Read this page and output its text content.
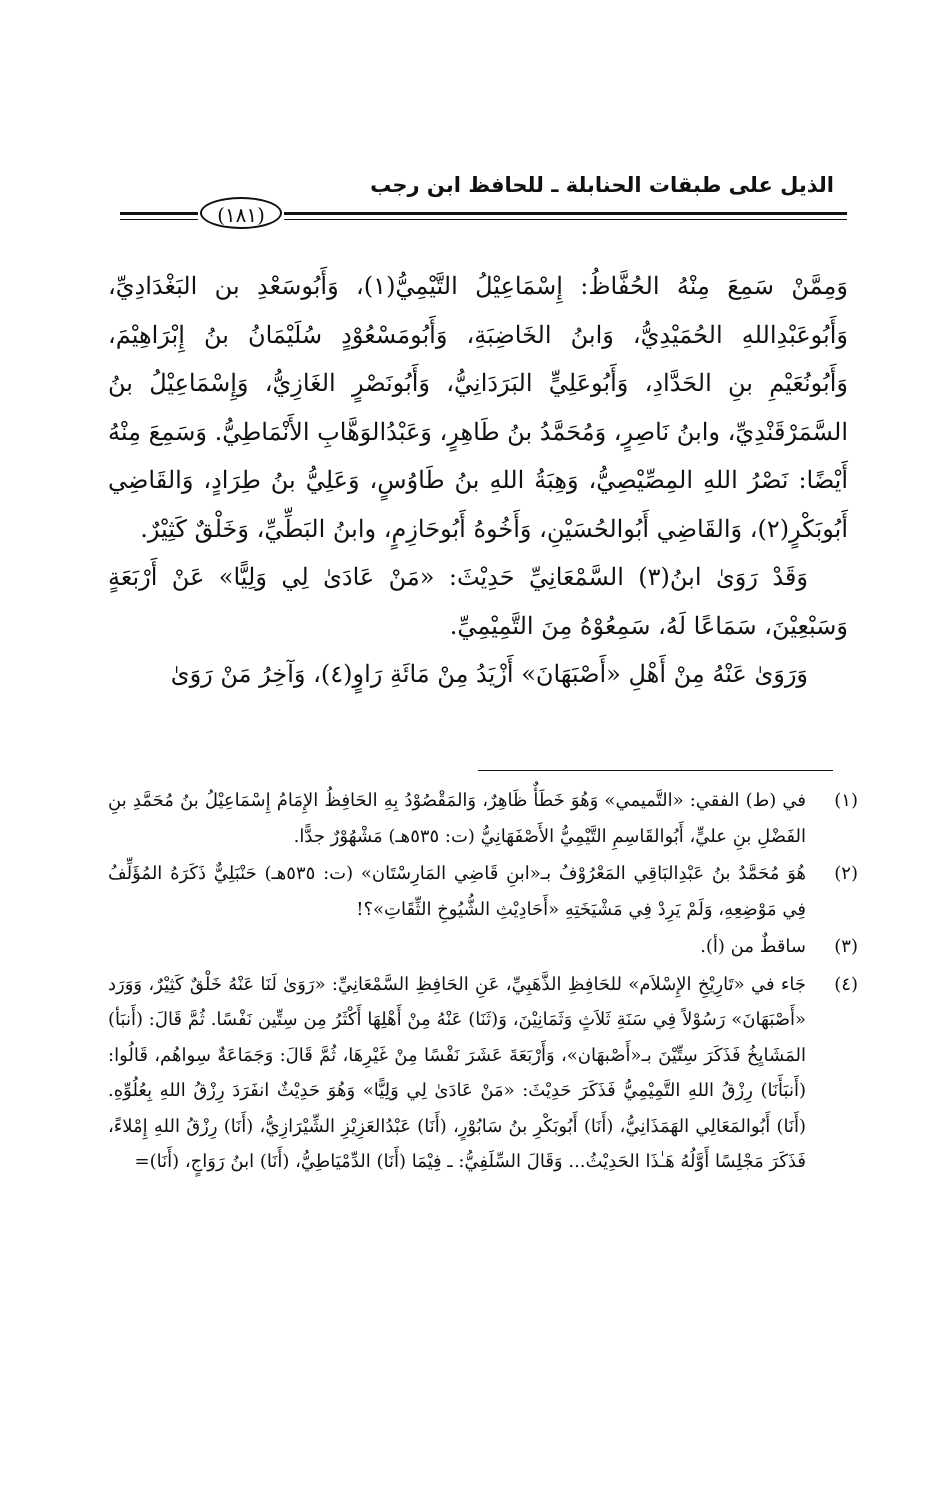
الذيل على طبقات الحنابلة ـ للحافظ ابن رجب
(١٨١)

وَمِمَّنْ سَمِعَ مِنْهُ الحُفَّاظُ: إِسْمَاعِيْلُ التَّيْمِيُّ(١)، وَأَبُوسَعْدِ بن البَغْدَادِيِّ، وَأَبُوعَبْدِاللهِ الحُمَيْدِيُّ، وَابنُ الخَاضِبَةِ، وَأَبُومَسْعُوْدٍ سُلَيْمَانُ بنُ إِبْرَاهِيْمَ، وَأَبُونُعَيْمِ بنِ الحَدَّادِ، وَأَبُوعَلِيٍّ البَرَدَانِيُّ، وَأَبُونَصْرٍ الغَازِيُّ، وَإِسْمَاعِيْلُ بنُ السَّمَرْقَنْدِيِّ، وابنُ نَاصِرٍ، وَمُحَمَّدُ بنُ طَاهِرٍ، وَعَبْدُالوَهَّابِ الأَنْمَاطِيُّ. وَسَمِعَ مِنْهُ أَيْضًا: نَصْرُ اللهِ المِصِّيْصِيُّ، وَهِبَةُ اللهِ بنُ طَاوُسٍ، وَعَلِيُّ بنُ طِرَادٍ، وَالقَاضِي أَبُوبَكْرٍ(٢)، وَالقَاضِي أَبُوالحُسَيْنِ، وَأَخُوهُ أَبُوحَازِمٍ، وابنُ البَطِّيِّ، وَخَلْقٌ كَثِيْرٌ.

وَقَدْ رَوَىٰ ابنُ(٣) السَّمْعَانِيِّ حَدِيْثَ: «مَنْ عَادَىٰ لِي وَلِيًّا» عَنْ أَرْبَعَةٍ وَسَبْعِيْنَ، سَمَاعًا لَهُ، سَمِعُوْهُ مِنَ التَّمِيْمِيِّ.

وَرَوَىٰ عَنْهُ مِنْ أَهْلِ «أَصْبَهَانَ» أَزْيَدُ مِنْ مَائَةِ رَاوٍ(٤)، وَآخِرُ مَنْ رَوَىٰ

(١)
في (ط) الفقي: «التَّميمي» وَهُوَ خَطَأٌ ظَاهِرٌ، وَالمَقْصُوْدُ بِهِ الحَافِظُ الإِمَامُ إِسْمَاعِيْلُ بنُ مُحَمَّدِ بنِ الفَضْلِ بنِ عليٍّ، أَبُوالقَاسِمِ التَّيْمِيُّ الأَصْفَهَانِيُّ (ت: ٥٣٥هـ) مَشْهُوْرٌ جدًّا.

(٢)
هُوَ مُحَمَّدُ بنُ عَبْدِالبَاقِي المَعْرُوْفُ بـ«ابنِ قَاضِي المَارِسْتَان» (ت: ٥٣٥هـ) حَنْبَلِيٌّ ذَكَرَهُ المُؤَلِّفُ فِي مَوْضِعِهِ، وَلَمْ يَرِدْ فِي مَشْيَخَتِهِ «أَحَادِيْثِ الشُّيُوخِ الثِّقَاتِ»؟!

(٣)
ساقطٌ من (أ).

(٤)
جَاء في «تَارِيْخِ الإِسْلاَم» للحَافِظِ الذَّهَبِيِّ، عَنِ الحَافِظِ السَّمْعَانِيِّ: «رَوَىٰ لَنَا عَنْهُ خَلْقٌ كَثِيْرٌ، وَوَرَد «أَصْبَهَانَ» رَسُوْلاً فِي سَنَةِ ثَلاَثٍ وَثَمَانِيْنَ، وَ(ثَنَا) عَنْهُ مِنْ أَهْلِهَا أَكْثَرُ مِن سِتِّين نَفْسًا. ثُمَّ قَالَ: (أَنبَأ) المَشَايِخُ فَذَكَرَ سِتِّيْنَ بـ«أَصْبهَان»، وَأَرْبَعَةَ عَشَرَ نَفْسًا مِنْ غَيْرِهَا، ثُمَّ قَالَ: وَجَمَاعَةٌ سِواهُم، قَالُوا: (أَنبَأَنَا) رِزْقُ اللهِ التَّمِيْمِيُّ فَذَكَرَ حَدِيْثَ: «مَنْ عَادَىٰ لِي وَلِيًّا» وَهُوَ حَدِيْثٌ انفَرَدَ رِزْقُ اللهِ بِعُلُوِّهِ. (أَنَا) أَبُوالمَعَالِي الهَمَذَانِيُّ، (أَنَا) أَبُوبَكْرِ بنُ سَابُوْرٍ، (أَنَا) عَبْدُالعَزِيْزِ الشِّيْرَازِيُّ، (أَنَا) رِزْقُ اللهِ إِمْلاءً، فَذَكَرَ مَجْلِسًا أَوَّلُهُ هَـٰذَا الحَدِيْثُ... وَقَالَ السِّلَفِيُّ: ـ فِيْمَا (أَنَا) الدِّمْيَاطِيُّ، (أَنَا) ابنُ رَوَاجٍ، (أَنَا)=
